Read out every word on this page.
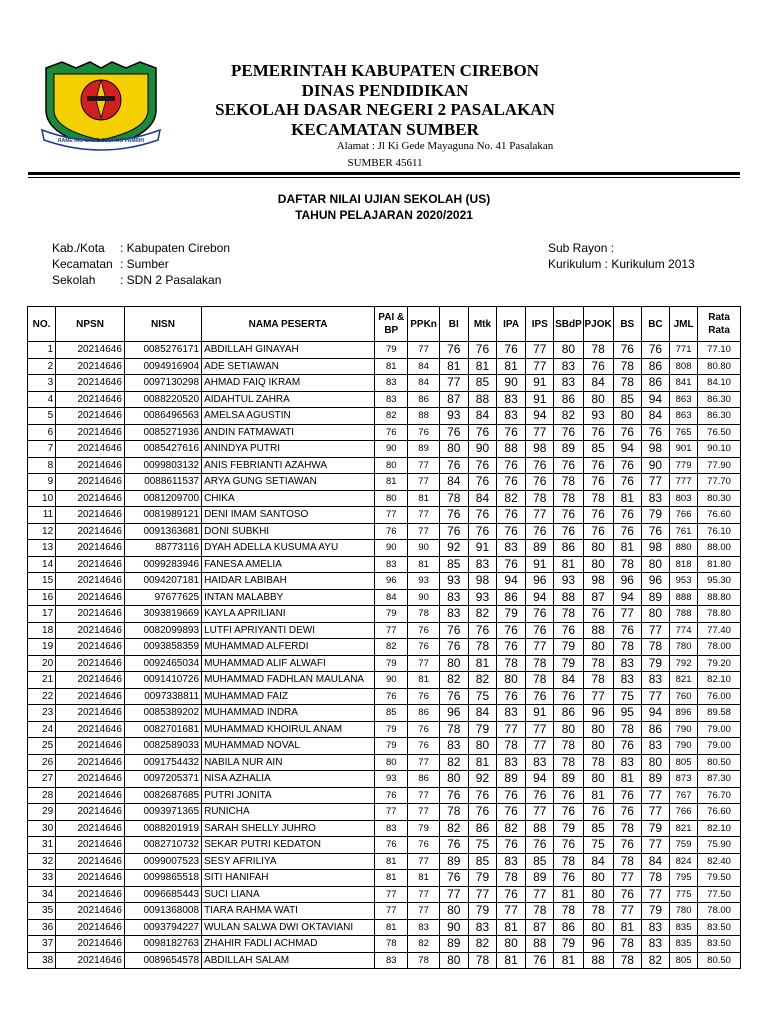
RAME ING GAWE SUCI ING PAMRIH
PEMERINTAH KABUPATEN CIREBON
DINAS PENDIDIKAN
SEKOLAH DASAR NEGERI 2 PASALAKAN
KECAMATAN SUMBER
Alamat : Jl Ki Gede Mayaguna No. 41 Pasalakan
SUMBER 45611
DAFTAR NILAI UJIAN SEKOLAH (US)
TAHUN PELAJARAN 2020/2021
Kab./Kota : Kabupaten Cirebon
Kecamatan : Sumber
Sekolah : SDN 2 Pasalakan
Sub Rayon :
Kurikulum : Kurikulum 2013
NO.	NPSN	NISN	NAMA PESERTA	PAI & BP	PPKn	BI	Mtk	IPA	IPS	SBdP	PJOK	BS	BC	JML	Rata Rata
1	20214646	0085276171	ABDILLAH GINAYAH	79	77	76	76	76	77	80	78	76	76	771	77.10
2	20214646	0094916904	ADE SETIAWAN	81	84	81	81	81	77	83	76	78	86	808	80.80
3	20214646	0097130298	AHMAD FAIQ IKRAM	83	84	77	85	90	91	83	84	78	86	841	84.10
4	20214646	0088220520	AIDAHTUL ZAHRA	83	86	87	88	83	91	86	80	85	94	863	86.30
5	20214646	0086496563	AMELSA AGUSTIN	82	88	93	84	83	94	82	93	80	84	863	86.30
6	20214646	0085271936	ANDIN FATMAWATI	76	76	76	76	76	77	76	76	76	76	765	76.50
7	20214646	0085427616	ANINDYA PUTRI	90	89	80	90	88	98	89	85	94	98	901	90.10
8	20214646	0099803132	ANIS FEBRIANTI AZAHWA	80	77	76	76	76	76	76	76	76	90	779	77.90
9	20214646	0088611537	ARYA GUNG SETIAWAN	81	77	84	76	76	76	78	76	76	77	777	77.70
10	20214646	0081209700	CHIKA	80	81	78	84	82	78	78	78	81	83	803	80.30
11	20214646	0081989121	DENI IMAM SANTOSO	77	77	76	76	76	77	76	76	76	79	766	76.60
12	20214646	0091363681	DONI SUBKHI	76	77	76	76	76	76	76	76	76	76	761	76.10
13	20214646	88773116	DYAH ADELLA KUSUMA AYU	90	90	92	91	83	89	86	80	81	98	880	88.00
14	20214646	0099283946	FANESA AMELIA	83	81	85	83	76	91	81	80	78	80	818	81.80
15	20214646	0094207181	HAIDAR LABIBAH	96	93	93	98	94	96	93	98	96	96	953	95.30
16	20214646	97677625	INTAN MALABBY	84	90	83	93	86	94	88	87	94	89	888	88.80
17	20214646	3093819669	KAYLA APRILIANI	79	78	83	82	79	76	78	76	77	80	788	78.80
18	20214646	0082099893	LUTFI APRIYANTI DEWI	77	76	76	76	76	76	76	88	76	77	774	77.40
19	20214646	0093858359	MUHAMMAD ALFERDI	82	76	76	78	76	77	79	80	78	78	780	78.00
20	20214646	0092465034	MUHAMMAD ALIF ALWAFI	79	77	80	81	78	78	79	78	83	79	792	79.20
21	20214646	0091410726	MUHAMMAD FADHLAN MAULANA	90	81	82	82	80	78	84	78	83	83	821	82.10
22	20214646	0097338811	MUHAMMAD FAIZ	76	76	76	75	76	76	76	77	75	77	760	76.00
23	20214646	0085389202	MUHAMMAD INDRA	85	86	96	84	83	91	86	96	95	94	896	89.58
24	20214646	0082701681	MUHAMMAD KHOIRUL ANAM	79	76	78	79	77	77	80	80	78	86	790	79.00
25	20214646	0082589033	MUHAMMAD NOVAL	79	76	83	80	78	77	78	80	76	83	790	79.00
26	20214646	0091754432	NABILA NUR AIN	80	77	82	81	83	83	78	78	83	80	805	80.50
27	20214646	0097205371	NISA AZHALIA	93	86	80	92	89	94	89	80	81	89	873	87.30
28	20214646	0082687685	PUTRI JONITA	76	77	76	76	76	76	76	81	76	77	767	76.70
29	20214646	0093971365	RUNICHA	77	77	78	76	76	77	76	76	76	77	766	76.60
30	20214646	0088201919	SARAH SHELLY JUHRO	83	79	82	86	82	88	79	85	78	79	821	82.10
31	20214646	0082710732	SEKAR PUTRI KEDATON	76	76	76	75	76	76	76	75	76	77	759	75.90
32	20214646	0099007523	SESY AFRILIYA	81	77	89	85	83	85	78	84	78	84	824	82.40
33	20214646	0099865518	SITI HANIFAH	81	81	76	79	78	89	76	80	77	78	795	79.50
34	20214646	0096685443	SUCI LIANA	77	77	77	77	76	77	81	80	76	77	775	77.50
35	20214646	0091368008	TIARA RAHMA WATI	77	77	80	79	77	78	78	78	77	79	780	78.00
36	20214646	0093794227	WULAN SALWA DWI OKTAVIANI	81	83	90	83	81	87	86	80	81	83	835	83.50
37	20214646	0098182763	ZHAHIR FADLI ACHMAD	78	82	89	82	80	88	79	96	78	83	835	83.50
38	20214646	0089654578	ABDILLAH SALAM	83	78	80	78	81	76	81	88	78	82	805	80.50
